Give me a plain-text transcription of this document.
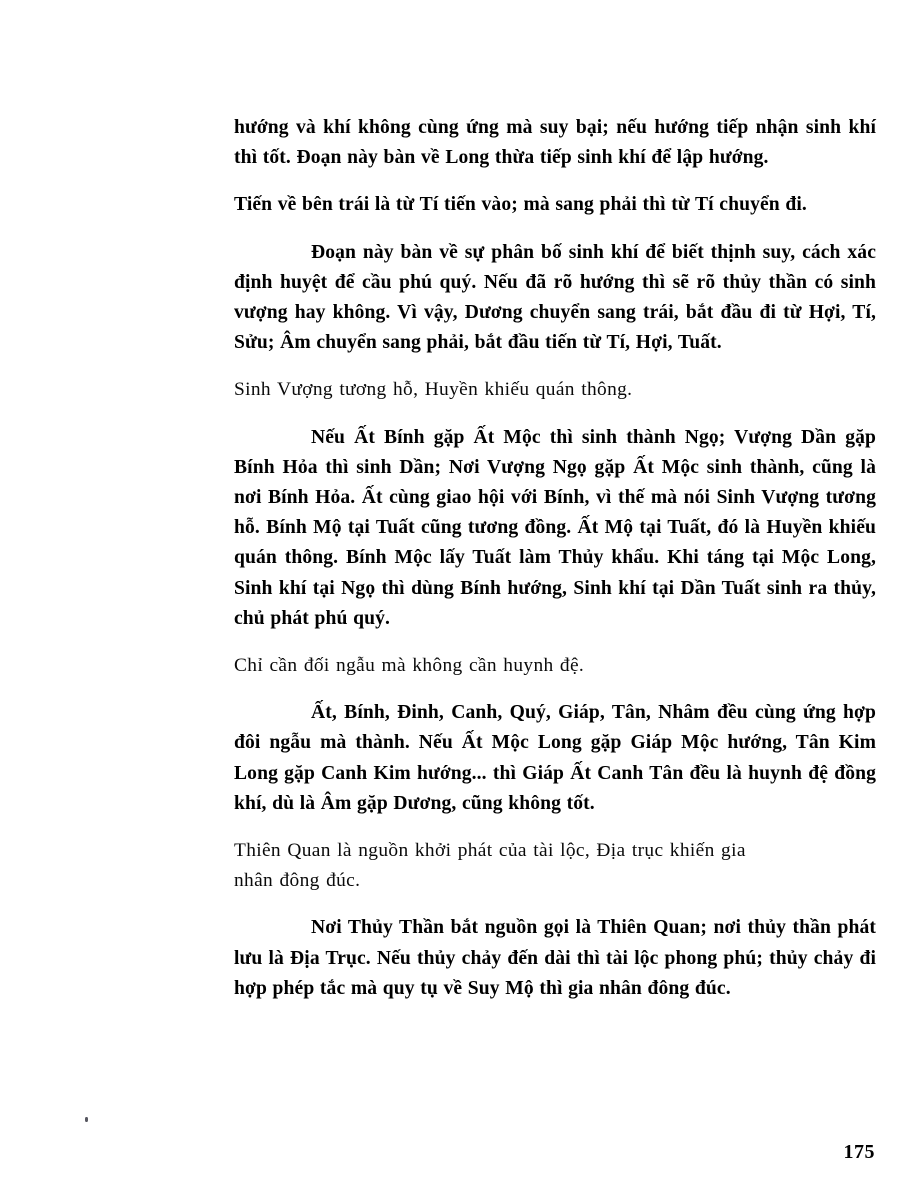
hướng và khí không cùng ứng mà suy bại; nếu hướng tiếp nhận sinh khí thì tốt. Đoạn này bàn về Long thừa tiếp sinh khí để lập hướng.

Tiến về bên trái là từ Tí tiến vào; mà sang phải thì từ Tí chuyển đi.

Đoạn này bàn về sự phân bố sinh khí để biết thịnh suy, cách xác định huyệt để cầu phú quý. Nếu đã rõ hướng thì sẽ rõ thủy thần có sinh vượng hay không. Vì vậy, Dương chuyển sang trái, bắt đầu đi từ Hợi, Tí, Sửu; Âm chuyển sang phải, bắt đầu tiến từ Tí, Hợi, Tuất.

Sinh Vượng tương hỗ, Huyền khiếu quán thông.

Nếu Ất Bính gặp Ất Mộc thì sinh thành Ngọ; Vượng Dần gặp Bính Hỏa thì sinh Dần; Nơi Vượng Ngọ gặp Ất Mộc sinh thành, cũng là nơi Bính Hỏa. Ất cùng giao hội với Bính, vì thế mà nói Sinh Vượng tương hỗ. Bính Mộ tại Tuất cũng tương đồng. Ất Mộ tại Tuất, đó là Huyền khiếu quán thông. Bính Mộc lấy Tuất làm Thủy khẩu. Khi táng tại Mộc Long, Sinh khí tại Ngọ thì dùng Bính hướng, Sinh khí tại Dần Tuất sinh ra thủy, chủ phát phú quý.

Chỉ cần đối ngẫu mà không cần huynh đệ.

Ất, Bính, Đinh, Canh, Quý, Giáp, Tân, Nhâm đều cùng ứng hợp đôi ngẫu mà thành. Nếu Ất Mộc Long gặp Giáp Mộc hướng, Tân Kim Long gặp Canh Kim hướng... thì Giáp Ất Canh Tân đều là huynh đệ đồng khí, dù là Âm gặp Dương, cũng không tốt.

Thiên Quan là nguồn khởi phát của tài lộc, Địa trục khiến gia

nhân đông đúc.

Nơi Thủy Thần bắt nguồn gọi là Thiên Quan; nơi thủy thần phát lưu là Địa Trục. Nếu thủy chảy đến dài thì tài lộc phong phú; thủy chảy đi hợp phép tắc mà quy tụ về Suy Mộ thì gia nhân đông đúc.

175
